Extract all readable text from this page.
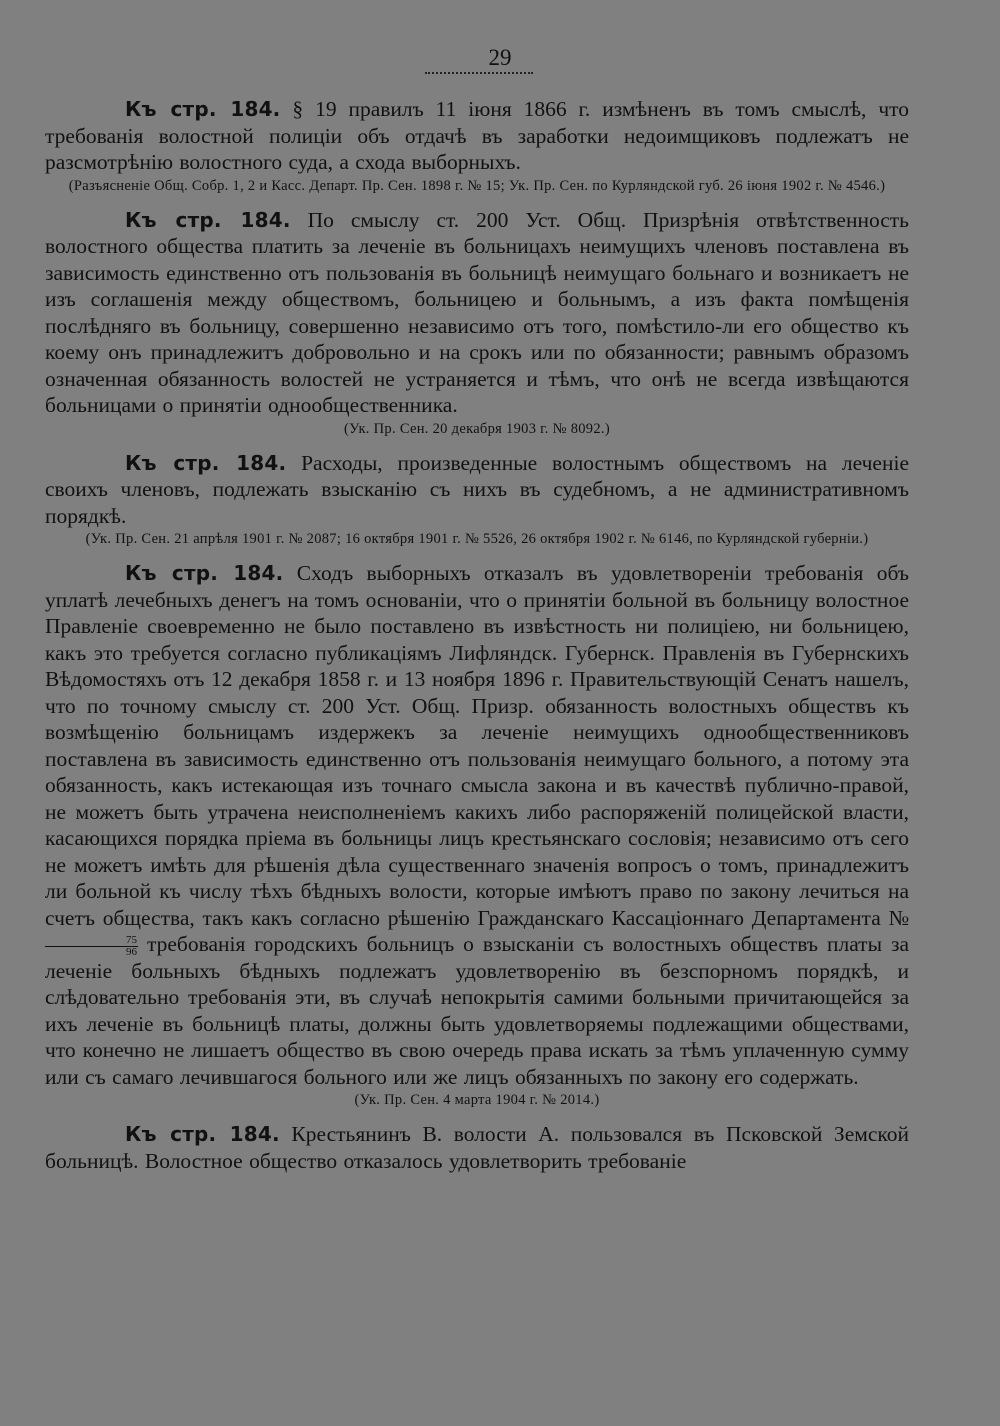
29

Къ стр. 184. § 19 правилъ 11 іюня 1866 г. измѣненъ въ томъ смыслѣ, что требованія волостной полиціи объ отдачѣ въ заработки недоимщиковъ подлежатъ не разсмотрѣнію волостного суда, а схода выборныхъ.

(Разъясненіе Общ. Собр. 1, 2 и Касс. Департ. Пр. Сен. 1898 г. № 15; Ук. Пр. Сен. по Курляндской губ. 26 іюня 1902 г. № 4546.)

Къ стр. 184. По смыслу ст. 200 Уст. Общ. Призрѣнія отвѣтственность волостного общества платить за леченіе въ больницахъ неимущихъ членовъ поставлена въ зависимость единственно отъ пользованія въ больницѣ неимущаго больнаго и возникаетъ не изъ соглашенія между обществомъ, больницею и больнымъ, а изъ факта помѣщенія послѣдняго въ больницу, совершенно независимо отъ того, помѣстило-ли его общество къ коему онъ принадлежитъ добровольно и на срокъ или по обязанности; равнымъ образомъ означенная обязанность волостей не устраняется и тѣмъ, что онѣ не всегда извѣщаются больницами о принятіи однообщественника.

(Ук. Пр. Сен. 20 декабря 1903 г. № 8092.)

Къ стр. 184. Расходы, произведенные волостнымъ обществомъ на леченіе своихъ членовъ, подлежать взысканію съ нихъ въ судебномъ, а не административномъ порядкѣ.

(Ук. Пр. Сен. 21 апрѣля 1901 г. № 2087; 16 октября 1901 г. № 5526, 26 октября 1902 г. № 6146, по Курляндской губерніи.)

Къ стр. 184. Сходъ выборныхъ отказалъ въ удовлетвореніи требованія объ уплатѣ лечебныхъ денегъ на томъ основаніи, что о принятіи больной въ больницу волостное Правленіе своевременно не было поставлено въ извѣстность ни полиціею, ни больницею, какъ это требуется согласно публикаціямъ Лифляндск. Губернск. Правленія въ Губернскихъ Вѣдомостяхъ отъ 12 декабря 1858 г. и 13 ноября 1896 г. Правительствующій Сенатъ нашелъ, что по точному смыслу ст. 200 Уст. Общ. Призр. обязанность волостныхъ обществъ къ возмѣщенію больницамъ издержекъ за леченіе неимущихъ однообщественниковъ поставлена въ зависимость единственно отъ пользованія неимущаго больного, а потому эта обязанность, какъ истекающая изъ точнаго смысла закона и въ качествѣ публично-правой, не можетъ быть утрачена неисполненіемъ какихъ либо распоряженій полицейской власти, касающихся порядка пріема въ больницы лицъ крестьянскаго сословія; независимо отъ сего не можетъ имѣть для рѣшенія дѣла существеннаго значенія вопросъ о томъ, принадлежитъ ли больной къ числу тѣхъ бѣдныхъ волости, которые имѣютъ право по закону лечиться на счетъ общества, такъ какъ согласно рѣшенію Гражданскаго Кассаціоннаго Департамента №
$\frac{75}{96}$ требованія городскихъ больницъ о взысканіи съ волостныхъ обществъ платы за леченіе больныхъ бѣдныхъ подлежатъ удовлетворенію въ безспорномъ порядкѣ, и слѣдовательно требованія эти, въ случаѣ непокрытія самими больными причитающейся за ихъ леченіе въ больницѣ платы, должны быть удовлетворяемы подлежащими обществами, что конечно не лишаетъ общество въ свою очередь права искать за тѣмъ уплаченную сумму или съ самаго лечившагося больного или же лицъ обязанныхъ по закону его содержать.

(Ук. Пр. Сен. 4 марта 1904 г. № 2014.)

Къ стр. 184. Крестьянинъ В. волости А. пользовался въ Псковской Земской больницѣ. Волостное общество отказалось удовлетворить требованіе
